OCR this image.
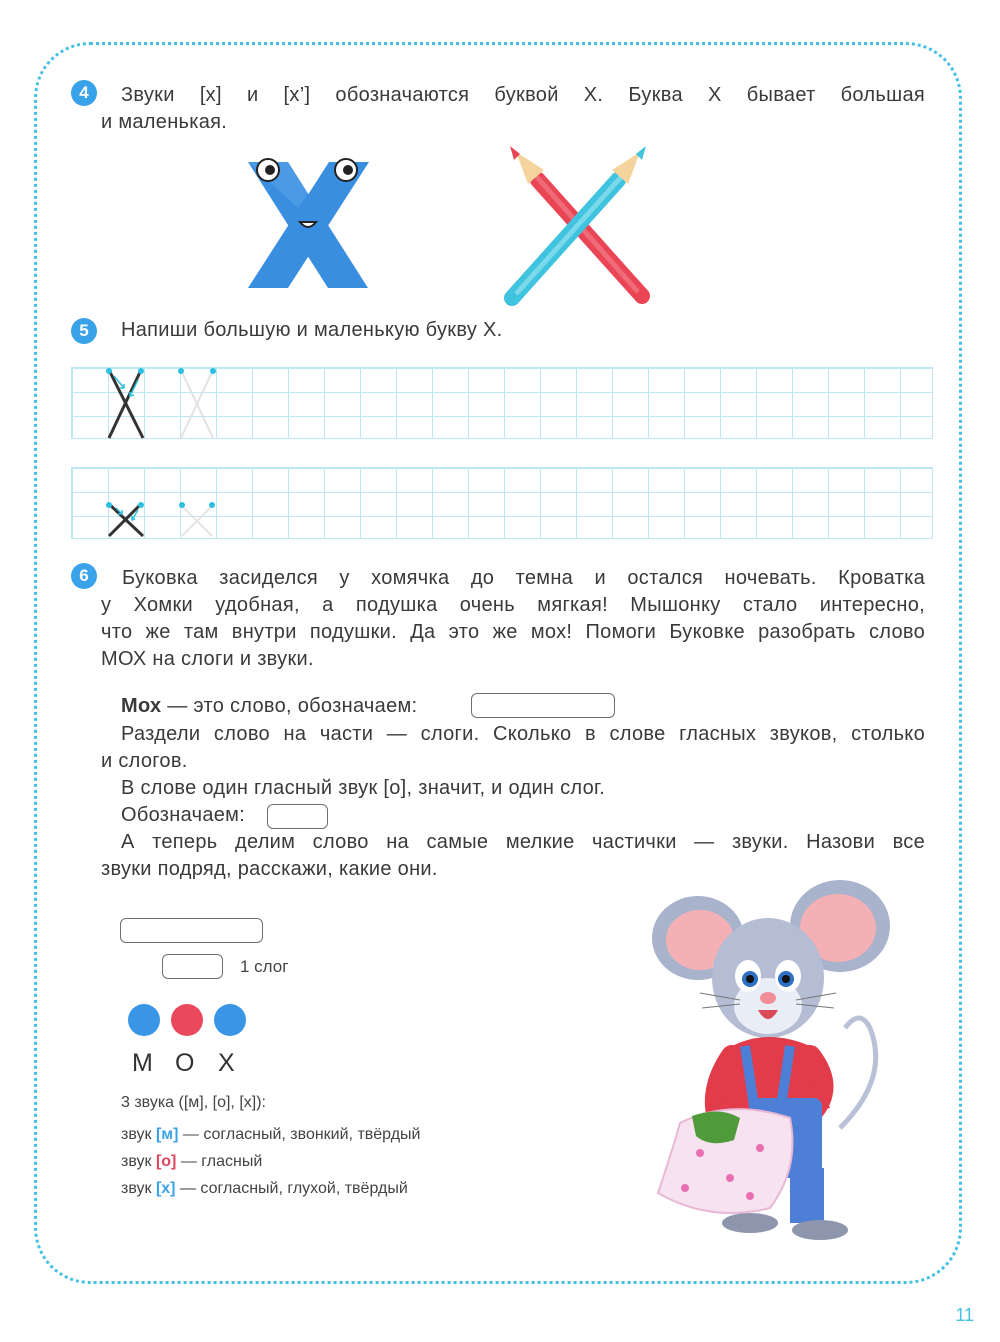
4	Звуки [х] и [х’] обозначаются буквой Х. Буква Х бывает большая
и маленькая.
5	Напиши большую и маленькую букву Х.
6	Буковка засиделся у хомячка до темна и остался ночевать. Кроватка
у Хомки удобная, а подушка очень мягкая! Мышонку стало интересно,
что же там внутри подушки. Да это же мох! Помоги Буковке разобрать слово
МОХ на слоги и звуки.
Мох — это слово, обозначаем:
Раздели слово на части — слоги. Сколько в слове гласных звуков, столько
и слогов.
В слове один гласный звук [о], значит, и один слог.
Обозначаем:
А теперь делим слово на самые мелкие частички — звуки. Назови все
звуки подряд, расскажи, какие они.
1 слог
М О Х
3 звука ([м], [о], [х]):
звук [м] — согласный, звонкий, твёрдый
звук [о] — гласный
звук [х] — согласный, глухой, твёрдый
11
